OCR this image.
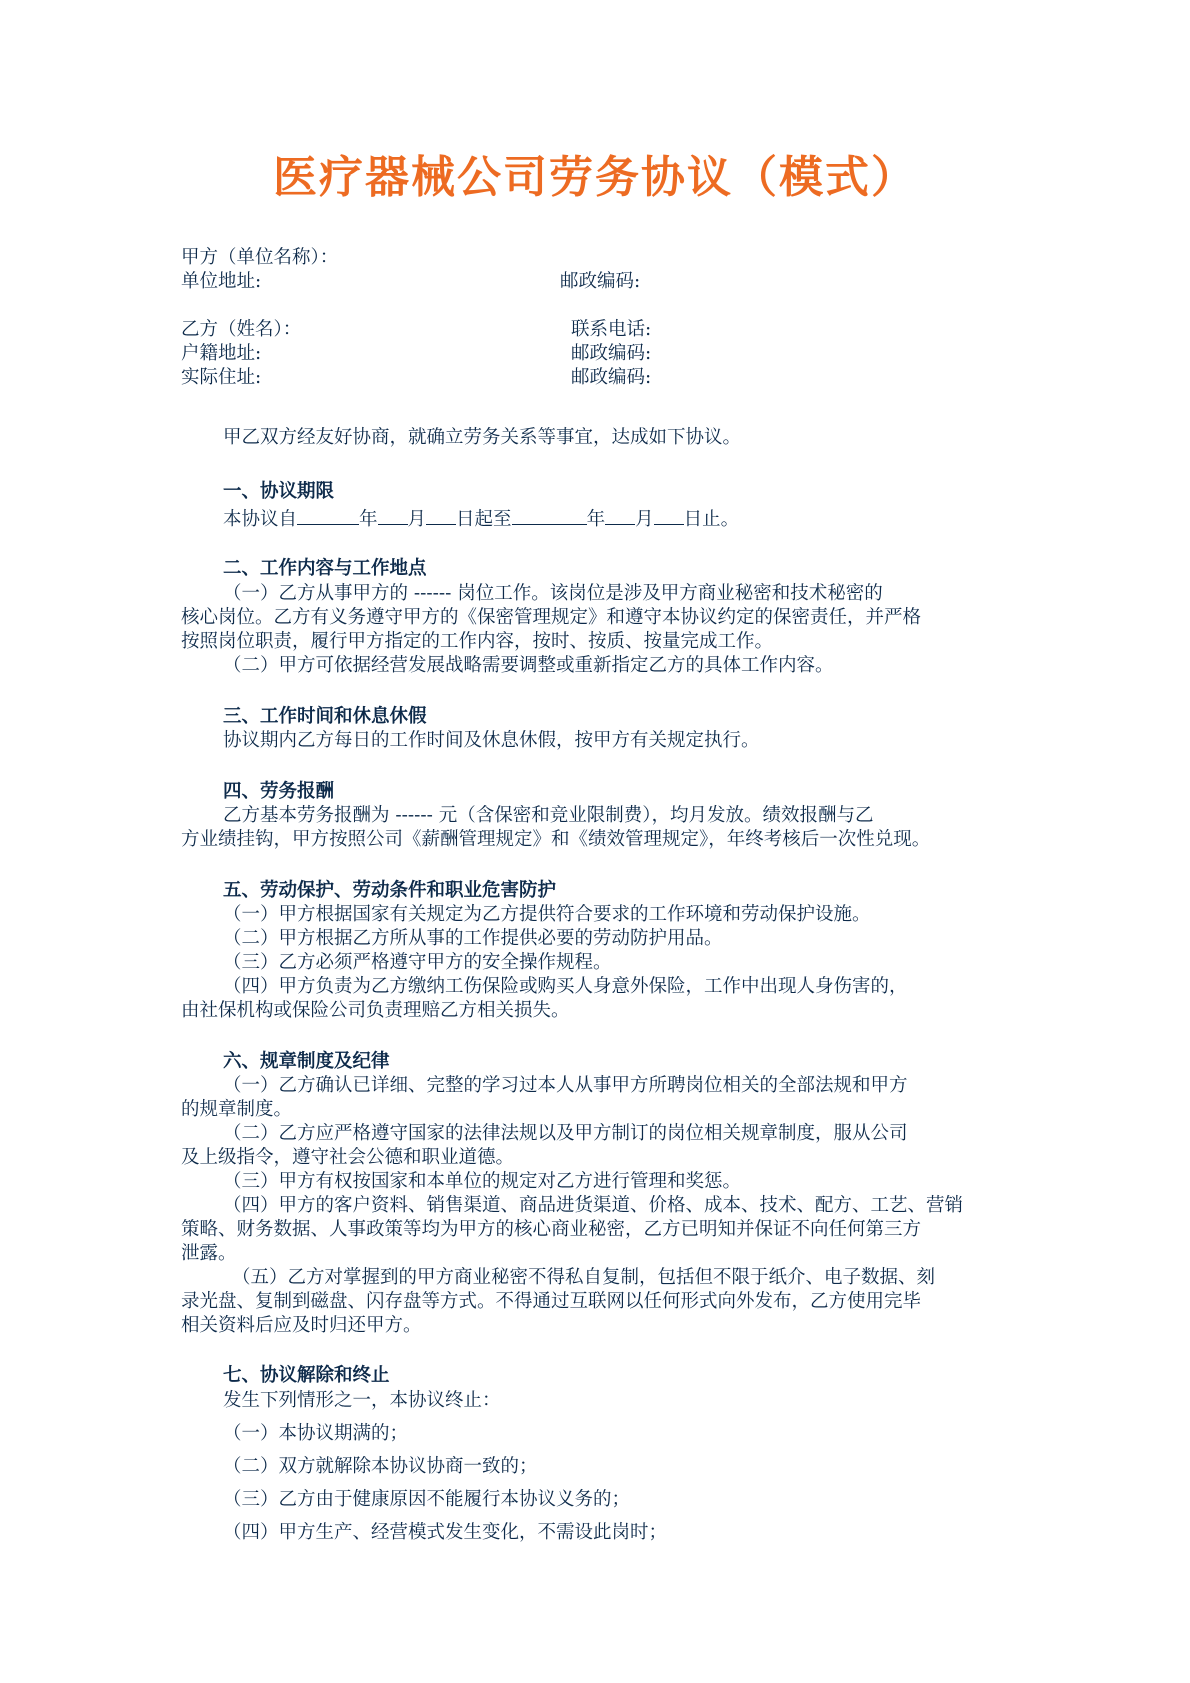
医疗器械公司劳务协议（模式）
甲方（单位名称）：
单位地址:	邮政编码:
乙方（姓名）：	联系电话:
户籍地址:	邮政编码:
实际住址:	邮政编码:
甲乙双方经友好协商，就确立劳务关系等事宜，达成如下协议。
一、协议期限
本协议自	年 月 日起至	年 月 日止。
二、工作内容与工作地点
（一）乙方从事甲方的 ------ 岗位工作。该岗位是涉及甲方商业秘密和技术秘密的
核心岗位。乙方有义务遵守甲方的《保密管理规定》和遵守本协议约定的保密责任，并严格
按照岗位职责，履行甲方指定的工作内容，按时、按质、按量完成工作。
（二）甲方可依据经营发展战略需要调整或重新指定乙方的具体工作内容。
三、工作时间和休息休假
协议期内乙方每日的工作时间及休息休假，按甲方有关规定执行。
四、劳务报酬
乙方基本劳务报酬为 ------ 元（含保密和竞业限制费），均月发放。绩效报酬与乙
方业绩挂钩，甲方按照公司《薪酬管理规定》和《绩效管理规定》，年终考核后一次性兑现。
五、劳动保护、劳动条件和职业危害防护
（一）甲方根据国家有关规定为乙方提供符合要求的工作环境和劳动保护设施。
（二）甲方根据乙方所从事的工作提供必要的劳动防护用品。
（三）乙方必须严格遵守甲方的安全操作规程。
（四）甲方负责为乙方缴纳工伤保险或购买人身意外保险，工作中出现人身伤害的，
由社保机构或保险公司负责理赔乙方相关损失。
六、规章制度及纪律
（一）乙方确认已详细、完整的学习过本人从事甲方所聘岗位相关的全部法规和甲方
的规章制度。
（二）乙方应严格遵守国家的法律法规以及甲方制订的岗位相关规章制度，服从公司
及上级指令，遵守社会公德和职业道德。
（三）甲方有权按国家和本单位的规定对乙方进行管理和奖惩。
（四）甲方的客户资料、销售渠道、商品进货渠道、价格、成本、技术、配方、工艺、营销
策略、财务数据、人事政策等均为甲方的核心商业秘密，乙方已明知并保证不向任何第三方
泄露。
（五）乙方对掌握到的甲方商业秘密不得私自复制，包括但不限于纸介、电子数据、刻
录光盘、复制到磁盘、闪存盘等方式。不得通过互联网以任何形式向外发布，乙方使用完毕
相关资料后应及时归还甲方。
七、协议解除和终止
发生下列情形之一，本协议终止：
（一）本协议期满的；
（二）双方就解除本协议协商一致的；
（三）乙方由于健康原因不能履行本协议义务的；
（四）甲方生产、经营模式发生变化，不需设此岗时；
